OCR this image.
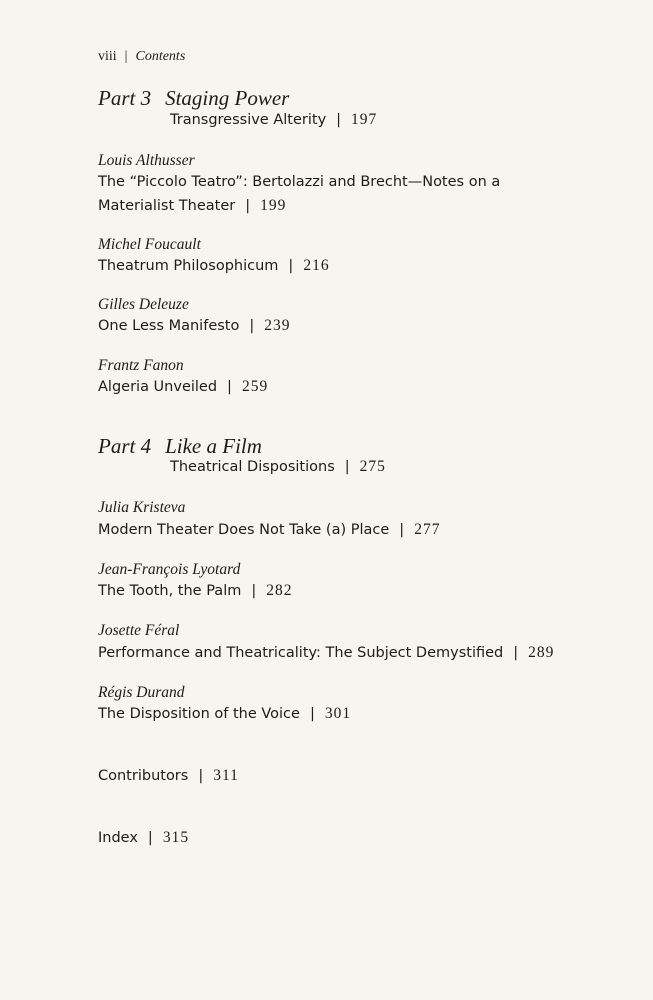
viii | Contents
Part 3 Staging Power
Transgressive Alterity | 197
Louis Althusser
The “Piccolo Teatro”: Bertolazzi and Brecht—Notes on a
Materialist Theater | 199
Michel Foucault
Theatrum Philosophicum | 216
Gilles Deleuze
One Less Manifesto | 239
Frantz Fanon
Algeria Unveiled | 259
Part 4 Like a Film
Theatrical Dispositions | 275
Julia Kristeva
Modern Theater Does Not Take (a) Place | 277
Jean-François Lyotard
The Tooth, the Palm | 282
Josette Féral
Performance and Theatricality: The Subject Demystified | 289
Régis Durand
The Disposition of the Voice | 301
Contributors | 311
Index | 315
